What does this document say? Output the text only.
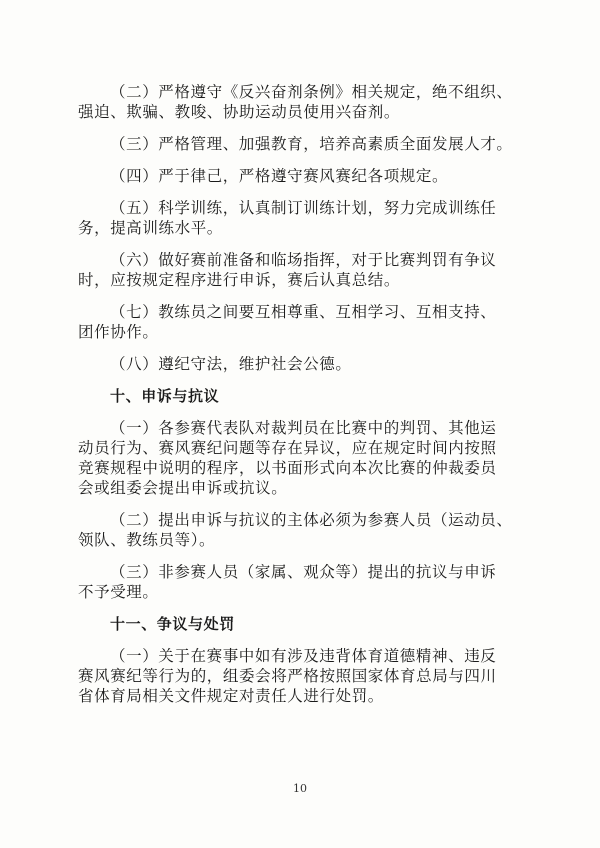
（二）严格遵守《反兴奋剂条例》相关规定，绝不组织、
强迫、欺骗、教唆、协助运动员使用兴奋剂。
（三）严格管理、加强教育，培养高素质全面发展人才。
（四）严于律己，严格遵守赛风赛纪各项规定。
（五）科学训练，认真制订训练计划，努力完成训练任
务，提高训练水平。
（六）做好赛前准备和临场指挥，对于比赛判罚有争议
时，应按规定程序进行申诉，赛后认真总结。
（七）教练员之间要互相尊重、互相学习、互相支持、
团作协作。
（八）遵纪守法，维护社会公德。
十、申诉与抗议
（一）各参赛代表队对裁判员在比赛中的判罚、其他运
动员行为、赛风赛纪问题等存在异议，应在规定时间内按照
竞赛规程中说明的程序，以书面形式向本次比赛的仲裁委员
会或组委会提出申诉或抗议。
（二）提出申诉与抗议的主体必须为参赛人员（运动员、
领队、教练员等）。
（三）非参赛人员（家属、观众等）提出的抗议与申诉
不予受理。
十一、争议与处罚
（一）关于在赛事中如有涉及违背体育道德精神、违反
赛风赛纪等行为的，组委会将严格按照国家体育总局与四川
省体育局相关文件规定对责任人进行处罚。
10
